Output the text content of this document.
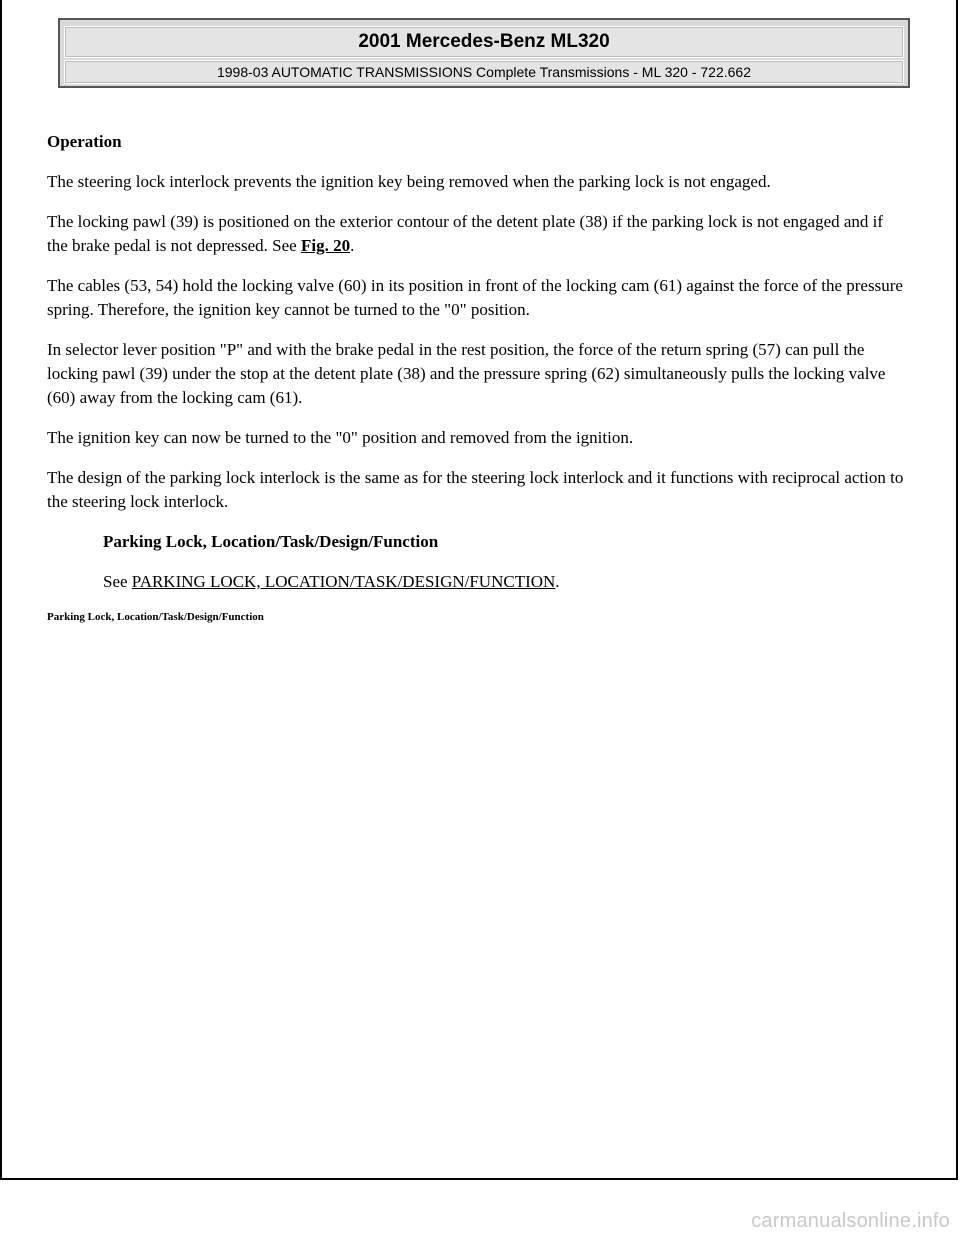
2001 Mercedes-Benz ML320
1998-03 AUTOMATIC TRANSMISSIONS Complete Transmissions - ML 320 - 722.662

Operation

The steering lock interlock prevents the ignition key being removed when the parking lock is not engaged.

The locking pawl (39) is positioned on the exterior contour of the detent plate (38) if the parking lock is not engaged and if the brake pedal is not depressed. See Fig. 20.

The cables (53, 54) hold the locking valve (60) in its position in front of the locking cam (61) against the force of the pressure spring. Therefore, the ignition key cannot be turned to the "0" position.

In selector lever position "P" and with the brake pedal in the rest position, the force of the return spring (57) can pull the locking pawl (39) under the stop at the detent plate (38) and the pressure spring (62) simultaneously pulls the locking valve (60) away from the locking cam (61).

The ignition key can now be turned to the "0" position and removed from the ignition.

The design of the parking lock interlock is the same as for the steering lock interlock and it functions with reciprocal action to the steering lock interlock.

Parking Lock, Location/Task/Design/Function

See PARKING LOCK, LOCATION/TASK/DESIGN/FUNCTION.

Parking Lock, Location/Task/Design/Function

carmanualsonline.info
